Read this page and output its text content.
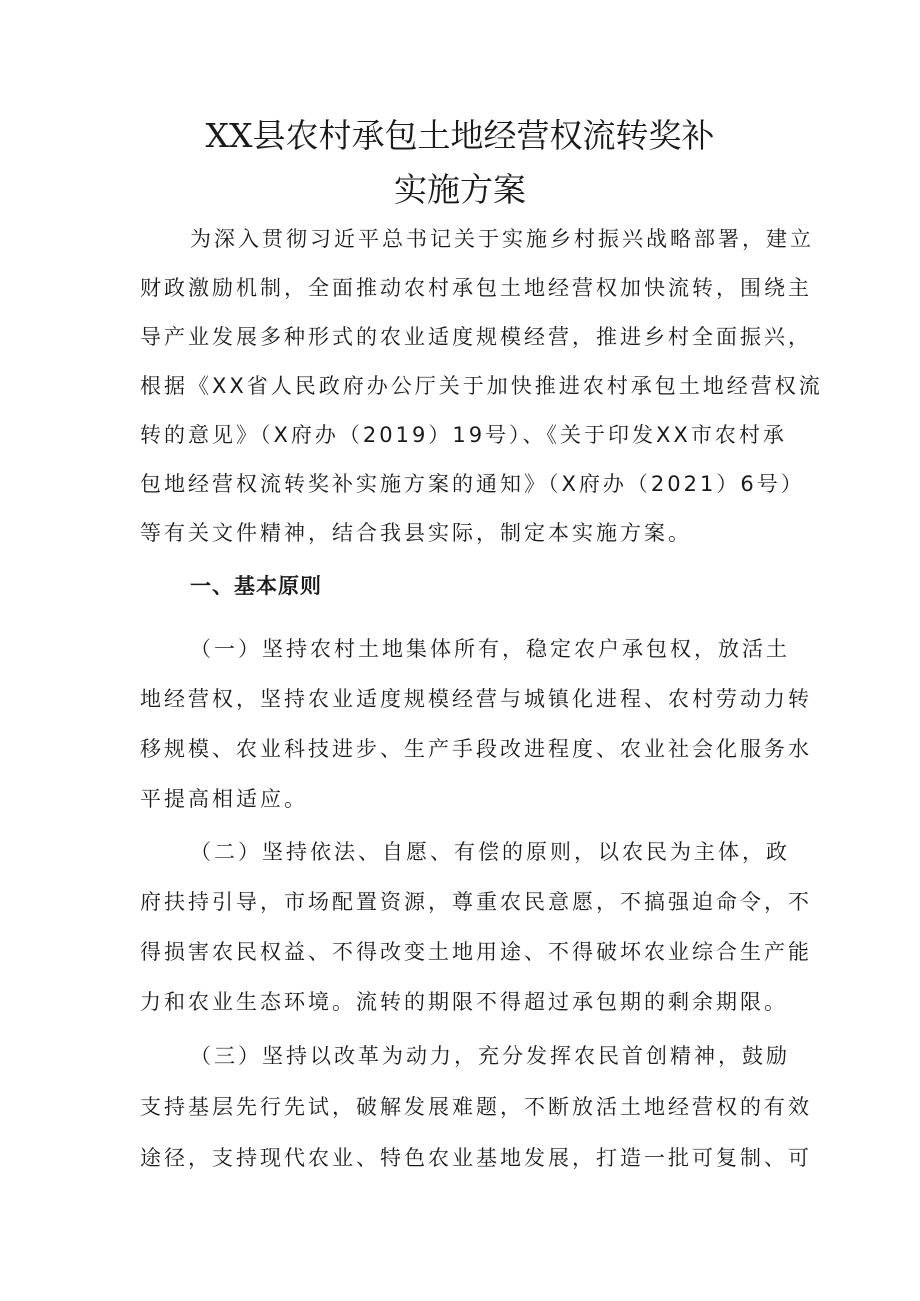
XX县农村承包土地经营权流转奖补
实施方案
为深入贯彻习近平总书记关于实施乡村振兴战略部署，建立
财政激励机制，全面推动农村承包土地经营权加快流转，围绕主
导产业发展多种形式的农业适度规模经营，推进乡村全面振兴，
根据《XX省人民政府办公厅关于加快推进农村承包土地经营权流
转的意见》（X府办（2019）19号）、《关于印发XX市农村承
包地经营权流转奖补实施方案的通知》（X府办（2021）6号）
等有关文件精神，结合我县实际，制定本实施方案。
一、基本原则
（一）坚持农村土地集体所有，稳定农户承包权，放活土
地经营权，坚持农业适度规模经营与城镇化进程、农村劳动力转
移规模、农业科技进步、生产手段改进程度、农业社会化服务水
平提高相适应。
（二）坚持依法、自愿、有偿的原则，以农民为主体，政
府扶持引导，市场配置资源，尊重农民意愿，不搞强迫命令，不
得损害农民权益、不得改变土地用途、不得破坏农业综合生产能
力和农业生态环境。流转的期限不得超过承包期的剩余期限。
（三）坚持以改革为动力，充分发挥农民首创精神，鼓励
支持基层先行先试，破解发展难题，不断放活土地经营权的有效
途径，支持现代农业、特色农业基地发展，打造一批可复制、可
